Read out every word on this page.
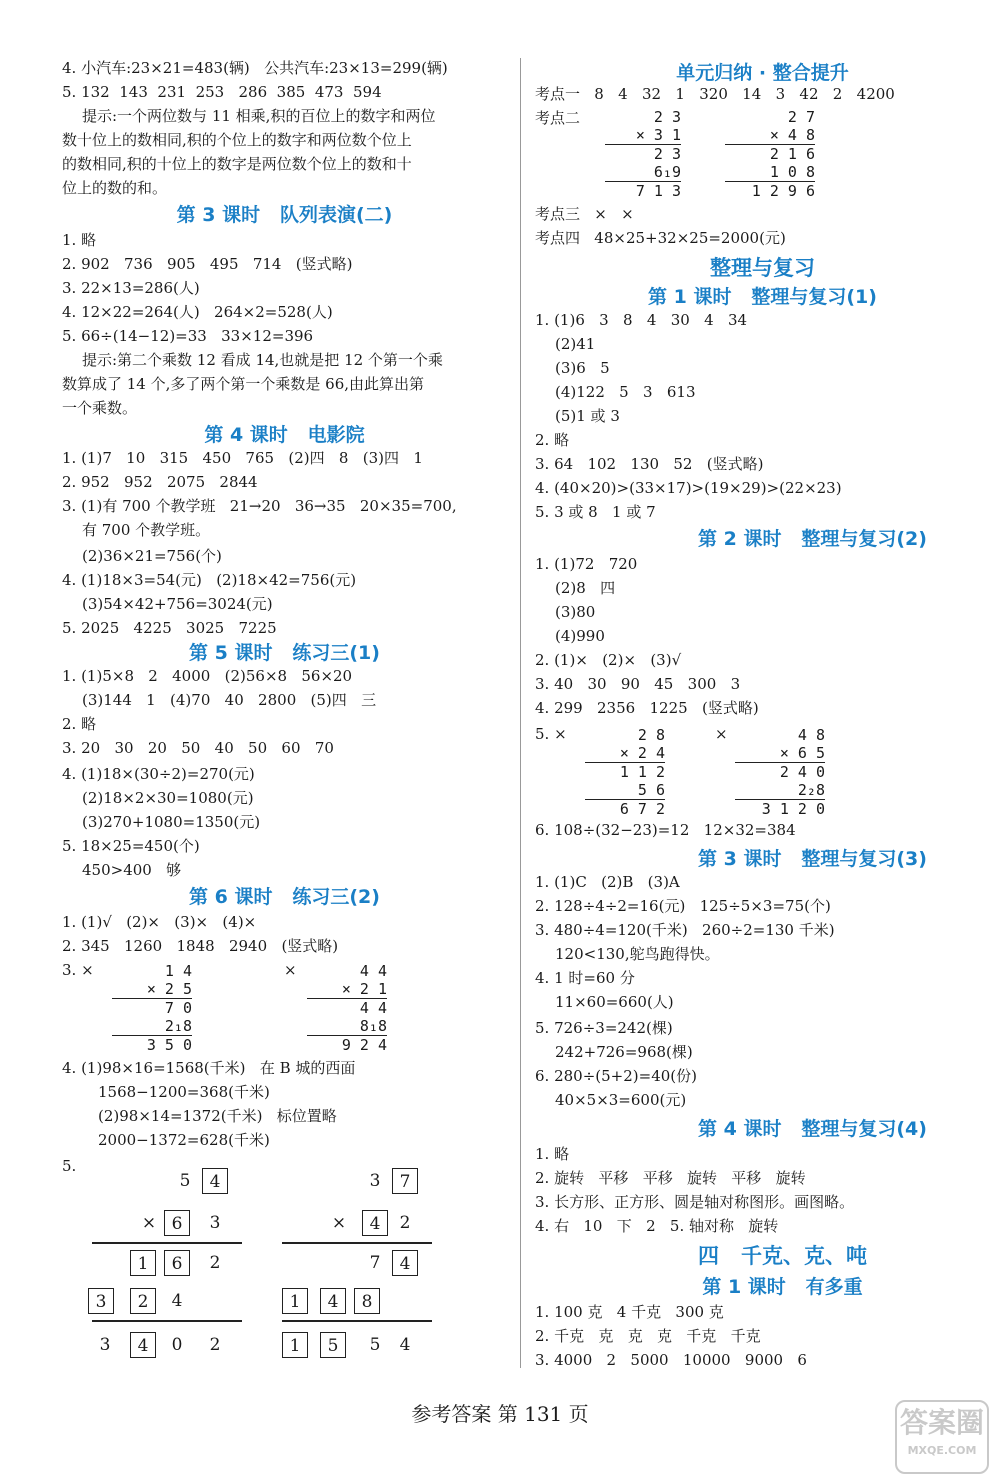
4. 小汽车:23×21=483(辆)   公共汽车:23×13=299(辆)
5. 132  143  231  253   286  385  473  594
提示:一个两位数与 11 相乘,积的百位上的数字和两位
数十位上的数相同,积的个位上的数字和两位数个位上
的数相同,积的十位上的数字是两位数个位上的数和十
位上的数的和。
第 3 课时   队列表演(二)
1. 略
2. 902   736   905   495   714   (竖式略)
3. 22×13=286(人)
4. 12×22=264(人)   264×2=528(人)
5. 66÷(14−12)=33   33×12=396
提示:第二个乘数 12 看成 14,也就是把 12 个第一个乘
数算成了 14 个,多了两个第一个乘数是 66,由此算出第
一个乘数。
第 4 课时   电影院
1. (1)7   10   315   450   765   (2)四   8   (3)四   1
2. 952   952   2075   2844
3. (1)有 700 个教学班   21→20   36→35   20×35=700,
有 700 个教学班。
(2)36×21=756(个)
4. (1)18×3=54(元)   (2)18×42=756(元)
(3)54×42+756=3024(元)
5. 2025   4225   3025   7225
第 5 课时   练习三(1)
1. (1)5×8   2   4000   (2)56×8   56×20
(3)144   1   (4)70   40   2800   (5)四   三
2. 略
3. 20   30   20   50   40   50   60   70
4. (1)18×(30÷2)=270(元)
(2)18×2×30=1080(元)
(3)270+1080=1350(元)
5. 18×25=450(个)
450>400   够
第 6 课时   练习三(2)
1. (1)√   (2)×   (3)×   (4)×
2. 345   1260   1848   2940   (竖式略)
3. ×	×
1 4
× 2 5
7 0
2₁8
3 5 0
4 4
× 2 1
4 4
8₁8
9 2 4
4. (1)98×16=1568(千米)   在 B 城的西面
1568−1200=368(千米)
(2)98×14=1372(千米)   标位置略
2000−1372=628(千米)
5.
5	4
× 6	3
1	6	2
3	2	4
3	4	0	2
3	7
×	4	2
7	4
1	4	8
1	5	5	4
单元归纳 · 整合提升
考点一   8   4   32   1   320   14   3   42   2   4200
考点二	2 3
× 3 1
2 3
6₁9
7 1 3
2 7
× 4 8
2 1 6
1 0 8
1 2 9 6
考点三   ×   ×
考点四   48×25+32×25=2000(元)
整理与复习
第 1 课时   整理与复习(1)
1. (1)6   3   8   4   30   4   34
(2)41
(3)6   5
(4)122   5   3   613
(5)1 或 3
2. 略
3. 64   102   130   52   (竖式略)
4. (40×20)>(33×17)>(19×29)>(22×23)
5. 3 或 8   1 或 7
第 2 课时   整理与复习(2)
1. (1)72   720
(2)8   四
(3)80
(4)990
2. (1)×   (2)×   (3)√
3. 40   30   90   45   300   3
4. 299   2356   1225   (竖式略)
5. ×	×
2 8
× 2 4
1 1 2
5 6
6 7 2
4 8
× 6 5
2 4 0
2₂8
3 1 2 0
6. 108÷(32−23)=12   12×32=384
第 3 课时   整理与复习(3)
1. (1)C   (2)B   (3)A
2. 128÷4÷2=16(元)   125÷5×3=75(个)
3. 480÷4=120(千米)   260÷2=130 千米)
120<130,鸵鸟跑得快。
4. 1 时=60 分
11×60=660(人)
5. 726÷3=242(棵)
242+726=968(棵)
6. 280÷(5+2)=40(份)
40×5×3=600(元)
第 4 课时   整理与复习(4)
1. 略
2. 旋转   平移   平移   旋转   平移   旋转
3. 长方形、正方形、圆是轴对称图形。画图略。
4. 右   10   下   2   5. 轴对称   旋转
四   千克、克、吨
第 1 课时   有多重
1. 100 克   4 千克   300 克
2. 千克   克   克   克   千克   千克
3. 4000   2   5000   10000   9000   6
参考答案 第 131 页	答案圈
MXQE.COM
